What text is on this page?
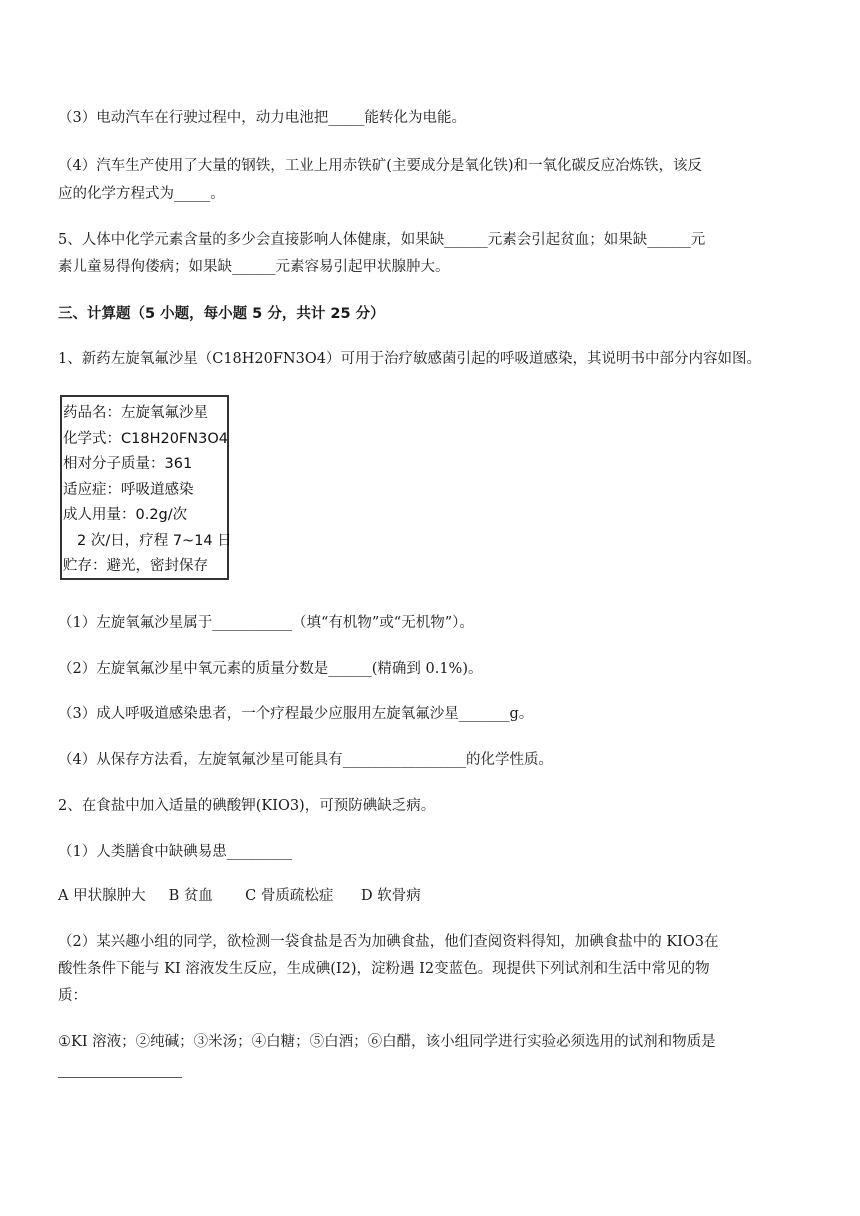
（3）电动汽车在行驶过程中，动力电池把_____能转化为电能。
（4）汽车生产使用了大量的钢铁，工业上用赤铁矿(主要成分是氧化铁)和一氧化碳反应冶炼铁，该反
应的化学方程式为_____。
5、人体中化学元素含量的多少会直接影响人体健康，如果缺______元素会引起贫血；如果缺______元
素儿童易得佝偻病；如果缺______元素容易引起甲状腺肿大。
三、计算题（5 小题，每小题 5 分，共计 25 分）
1、新药左旋氧氟沙星（C18H20FN3O4）可用于治疗敏感菌引起的呼吸道感染，其说明书中部分内容如图。
药品名：左旋氧氟沙星
化学式：C18H20FN3O4
相对分子质量：361
适应症：呼吸道感染
成人用量：0.2g/次
2 次/日，疗程 7~14 日
贮存：避光，密封保存
（1）左旋氧氟沙星属于___________（填“有机物”或“无机物”）。
（2）左旋氧氟沙星中氧元素的质量分数是______(精确到 0.1%)。
（3）成人呼吸道感染患者，一个疗程最少应服用左旋氧氟沙星_______g。
（4）从保存方法看，左旋氧氟沙星可能具有_________________的化学性质。
2、在食盐中加入适量的碘酸钾(KIO3)，可预防碘缺乏病。
（1）人类膳食中缺碘易患_________
A 甲状腺肿大     B 贫血       C 骨质疏松症      D 软骨病
（2）某兴趣小组的同学，欲检测一袋食盐是否为加碘食盐，他们查阅资料得知，加碘食盐中的 KIO3在
酸性条件下能与 KI 溶液发生反应，生成碘(I2)，淀粉遇 I2变蓝色。现提供下列试剂和生活中常见的物
质：
①KI 溶液；②纯碱；③米汤；④白糖；⑤白酒；⑥白醋，该小组同学进行实验必须选用的试剂和物质是
